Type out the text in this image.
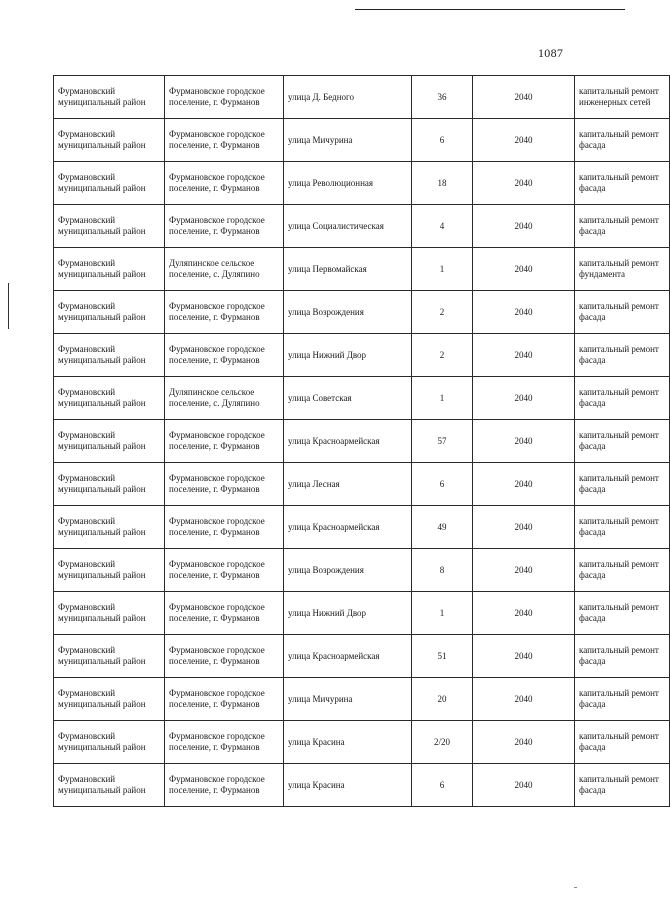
1087
Фурмановский муниципальный район	Фурмановское городское поселение, г. Фурманов	улица Д. Бедного	36	2040	капитальный ремонт инженерных сетей
Фурмановский муниципальный район	Фурмановское городское поселение, г. Фурманов	улица Мичурина	6	2040	капитальный ремонт фасада
Фурмановский муниципальный район	Фурмановское городское поселение, г. Фурманов	улица Революционная	18	2040	капитальный ремонт фасада
Фурмановский муниципальный район	Фурмановское городское поселение, г. Фурманов	улица Социалистическая	4	2040	капитальный ремонт фасада
Фурмановский муниципальный район	Дуляпинское сельское поселение, с. Дуляпино	улица Первомайская	1	2040	капитальный ремонт фундамента
Фурмановский муниципальный район	Фурмановское городское поселение, г. Фурманов	улица Возрождения	2	2040	капитальный ремонт фасада
Фурмановский муниципальный район	Фурмановское городское поселение, г. Фурманов	улица Нижний Двор	2	2040	капитальный ремонт фасада
Фурмановский муниципальный район	Дуляпинское сельское поселение, с. Дуляпино	улица Советская	1	2040	капитальный ремонт фасада
Фурмановский муниципальный район	Фурмановское городское поселение, г. Фурманов	улица Красноармейская	57	2040	капитальный ремонт фасада
Фурмановский муниципальный район	Фурмановское городское поселение, г. Фурманов	улица Лесная	6	2040	капитальный ремонт фасада
Фурмановский муниципальный район	Фурмановское городское поселение, г. Фурманов	улица Красноармейская	49	2040	капитальный ремонт фасада
Фурмановский муниципальный район	Фурмановское городское поселение, г. Фурманов	улица Возрождения	8	2040	капитальный ремонт фасада
Фурмановский муниципальный район	Фурмановское городское поселение, г. Фурманов	улица Нижний Двор	1	2040	капитальный ремонт фасада
Фурмановский муниципальный район	Фурмановское городское поселение, г. Фурманов	улица Красноармейская	51	2040	капитальный ремонт фасада
Фурмановский муниципальный район	Фурмановское городское поселение, г. Фурманов	улица Мичурина	20	2040	капитальный ремонт фасада
Фурмановский муниципальный район	Фурмановское городское поселение, г. Фурманов	улица Красина	2/20	2040	капитальный ремонт фасада
Фурмановский муниципальный район	Фурмановское городское поселение, г. Фурманов	улица Красина	6	2040	капитальный ремонт фасада
